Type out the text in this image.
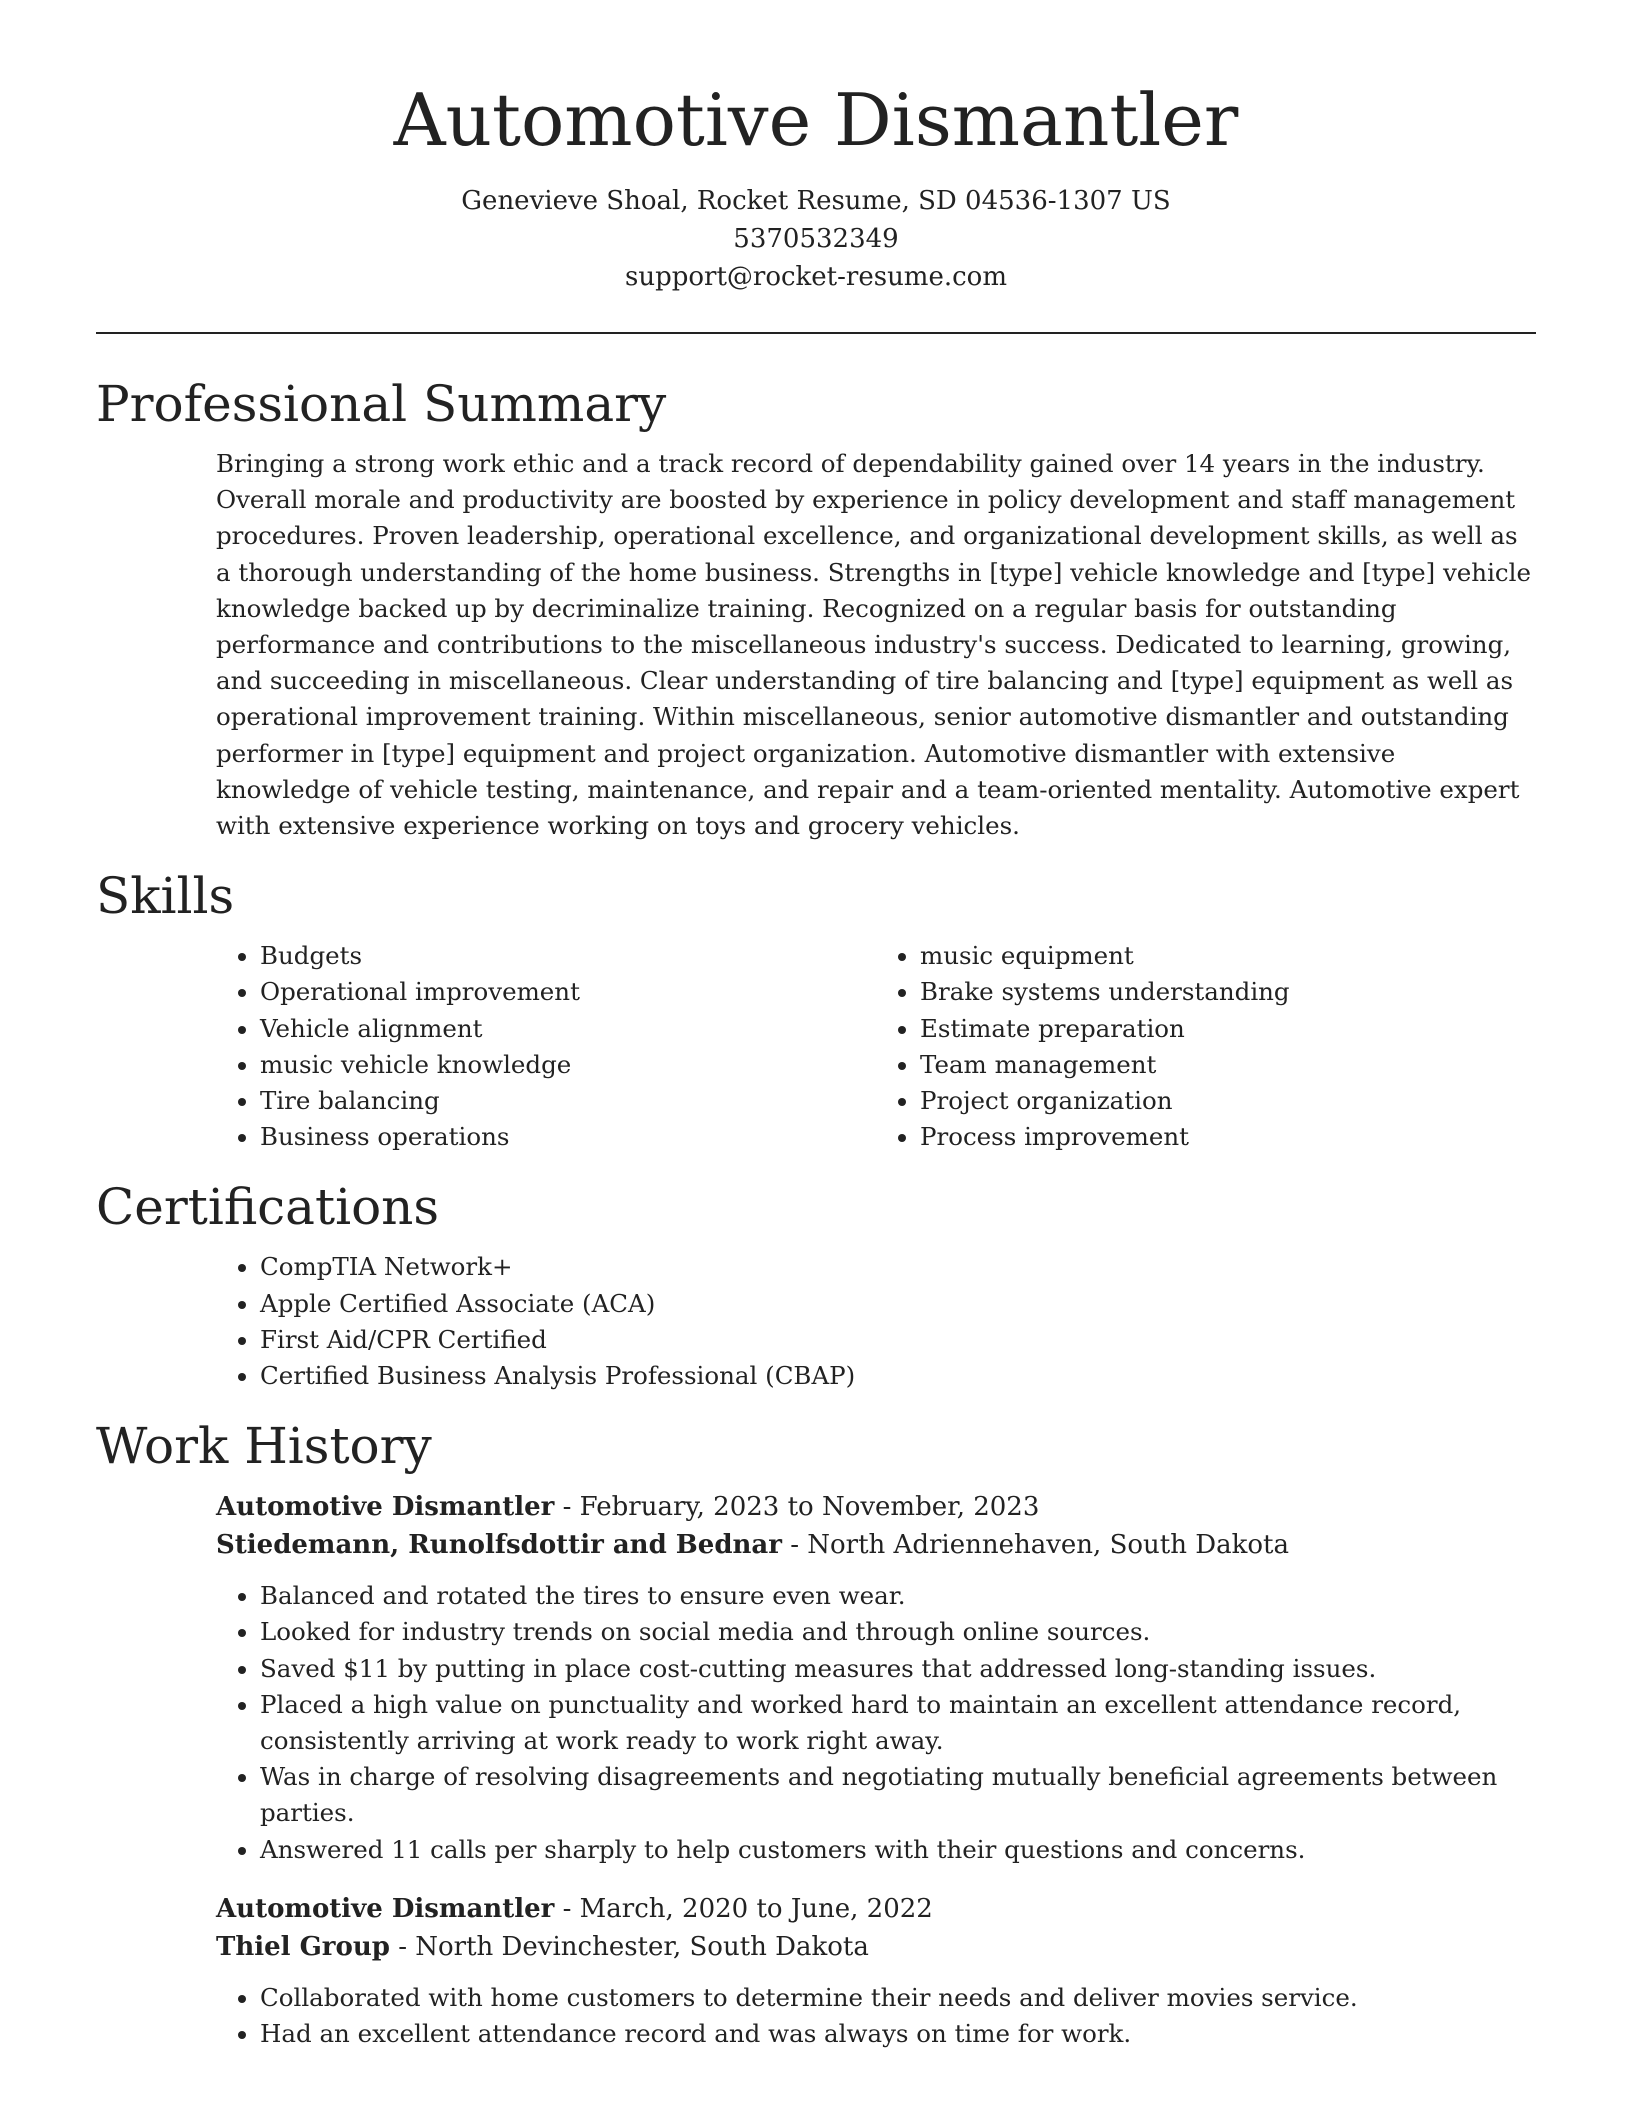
Automotive Dismantler
Genevieve Shoal, Rocket Resume, SD 04536-1307 US
5370532349
support@rocket-resume.com
Professional Summary
Bringing a strong work ethic and a track record of dependability gained over 14 years in the industry. Overall morale and productivity are boosted by experience in policy development and staff management procedures. Proven leadership, operational excellence, and organizational development skills, as well as a thorough understanding of the home business. Strengths in [type] vehicle knowledge and [type] vehicle knowledge backed up by decriminalize training. Recognized on a regular basis for outstanding performance and contributions to the miscellaneous industry's success. Dedicated to learning, growing, and succeeding in miscellaneous. Clear understanding of tire balancing and [type] equipment as well as operational improvement training. Within miscellaneous, senior automotive dismantler and outstanding performer in [type] equipment and project organization. Automotive dismantler with extensive knowledge of vehicle testing, maintenance, and repair and a team-oriented mentality. Automotive expert with extensive experience working on toys and grocery vehicles.
Skills
• Budgets
• Operational improvement
• Vehicle alignment
• music vehicle knowledge
• Tire balancing
• Business operations
• music equipment
• Brake systems understanding
• Estimate preparation
• Team management
• Project organization
• Process improvement
Certifications
• CompTIA Network+
• Apple Certified Associate (ACA)
• First Aid/CPR Certified
• Certified Business Analysis Professional (CBAP)
Work History
Automotive Dismantler - February, 2023 to November, 2023
Stiedemann, Runolfsdottir and Bednar - North Adriennehaven, South Dakota
• Balanced and rotated the tires to ensure even wear.
• Looked for industry trends on social media and through online sources.
• Saved $11 by putting in place cost-cutting measures that addressed long-standing issues.
• Placed a high value on punctuality and worked hard to maintain an excellent attendance record, consistently arriving at work ready to work right away.
• Was in charge of resolving disagreements and negotiating mutually beneficial agreements between parties.
• Answered 11 calls per sharply to help customers with their questions and concerns.
Automotive Dismantler - March, 2020 to June, 2022
Thiel Group - North Devinchester, South Dakota
• Collaborated with home customers to determine their needs and deliver movies service.
• Had an excellent attendance record and was always on time for work.
